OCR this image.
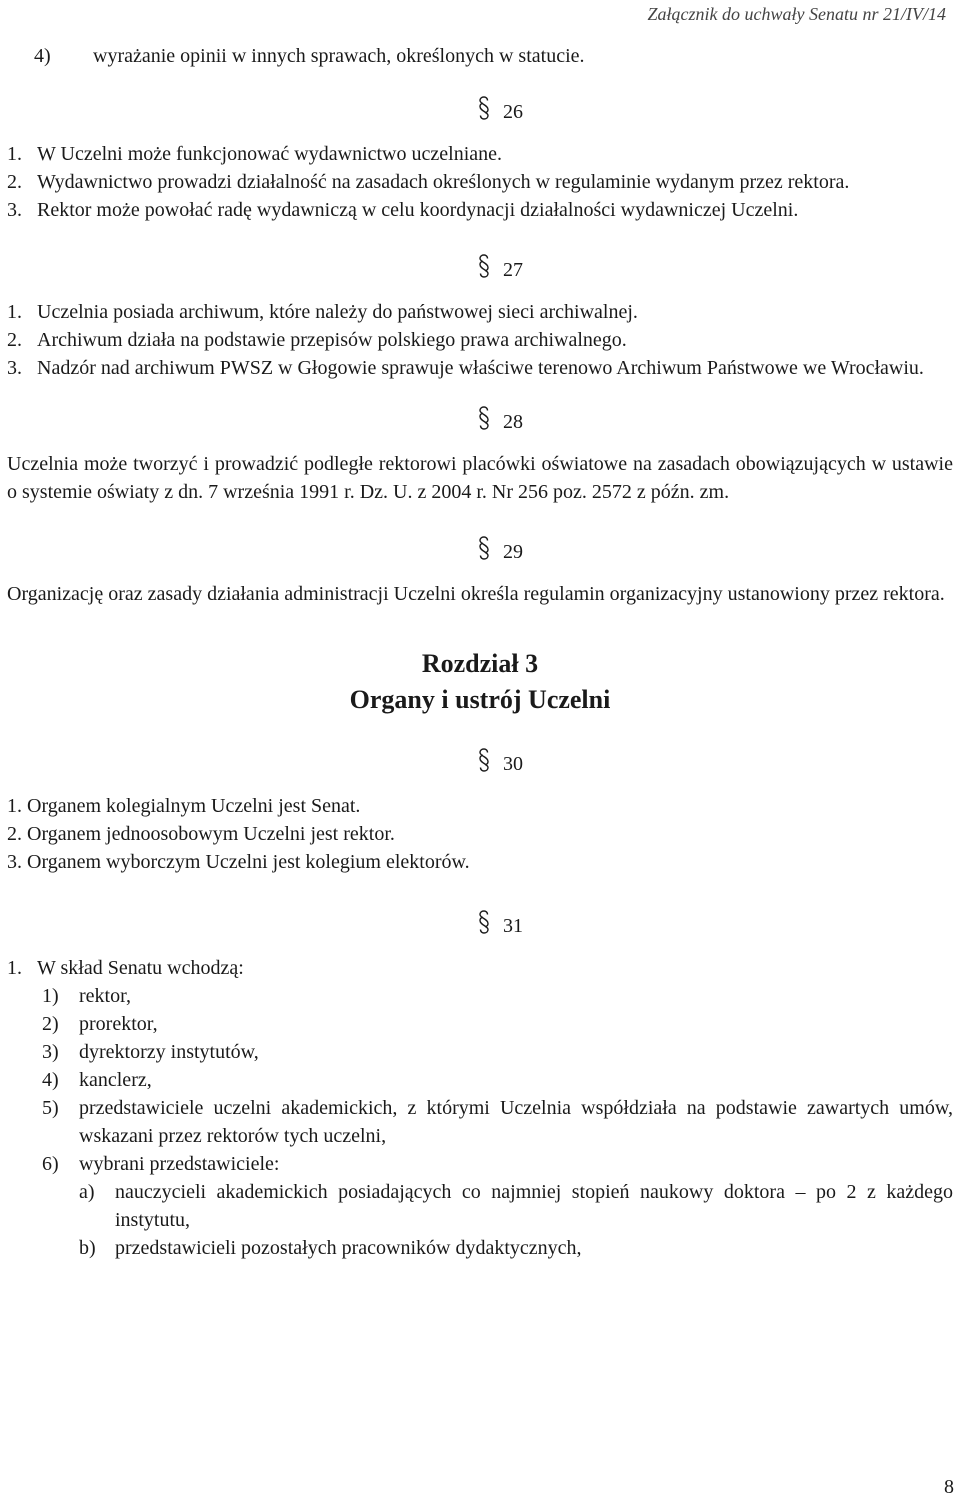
Załącznik do uchwały Senatu nr 21/IV/14
4) wyrażanie opinii w innych sprawach, określonych w statucie.
26
1. W Uczelni może funkcjonować wydawnictwo uczelniane.
2. Wydawnictwo prowadzi działalność na zasadach określonych w regulaminie wydanym przez rektora.
3. Rektor może powołać radę wydawniczą w celu koordynacji działalności wydawniczej Uczelni.
27
1. Uczelnia posiada archiwum, które należy do państwowej sieci archiwalnej.
2. Archiwum działa na podstawie przepisów polskiego prawa archiwalnego.
3. Nadzór nad archiwum PWSZ w Głogowie sprawuje właściwe terenowo Archiwum Państwowe we Wrocławiu.
28
Uczelnia może tworzyć i prowadzić podległe rektorowi placówki oświatowe na zasadach obowiązujących w ustawie o systemie oświaty z dn. 7 września 1991 r. Dz. U. z 2004 r. Nr 256 poz. 2572 z późn. zm.
29
Organizację oraz zasady działania administracji Uczelni określa regulamin organizacyjny ustanowiony przez rektora.
Rozdział 3
Organy i ustrój Uczelni
30
1. Organem kolegialnym Uczelni jest Senat.
2. Organem jednoosobowym Uczelni jest rektor.
3. Organem wyborczym Uczelni jest kolegium elektorów.
31
1. W skład Senatu wchodzą:
1) rektor,
2) prorektor,
3) dyrektorzy instytutów,
4) kanclerz,
5) przedstawiciele uczelni akademickich, z którymi Uczelnia współdziała na podstawie zawartych umów, wskazani przez rektorów tych uczelni,
6) wybrani przedstawiciele:
a) nauczycieli akademickich posiadających co najmniej stopień naukowy doktora – po 2 z każdego instytutu,
b) przedstawicieli pozostałych pracowników dydaktycznych,
8
